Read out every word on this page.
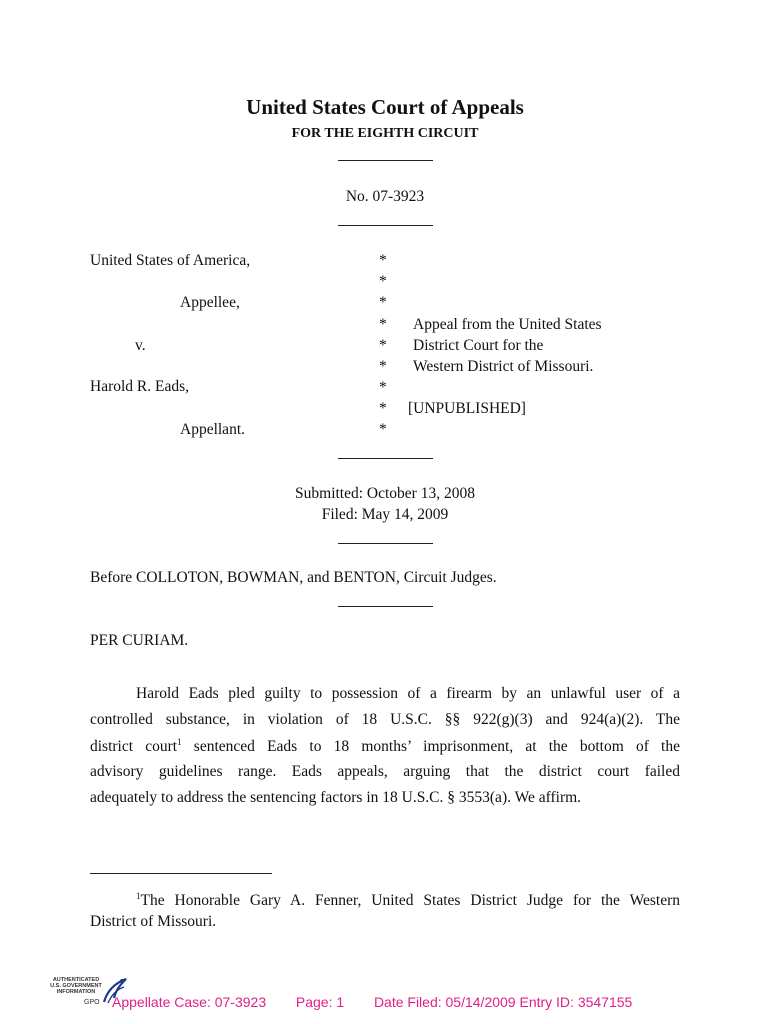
United States Court of Appeals
FOR THE EIGHTH CIRCUIT
No. 07-3923
United States of America,
Appellee,
v.
Harold R. Eads,
Appellant.
*
*
*
*
*
*
*
*
*
Appeal from the United States
District Court for the
Western District of Missouri.
[UNPUBLISHED]
Submitted: October 13, 2008
Filed: May 14, 2009
Before COLLOTON, BOWMAN, and BENTON, Circuit Judges.
PER CURIAM.
Harold Eads pled guilty to possession of a firearm by an unlawful user of a
controlled substance, in violation of 18 U.S.C. §§ 922(g)(3) and 924(a)(2). The
district court$^1$ sentenced Eads to 18 months’ imprisonment, at the bottom of the
advisory guidelines range. Eads appeals, arguing that the district court failed
adequately to address the sentencing factors in 18 U.S.C. § 3553(a). We affirm.
$^1$The Honorable Gary A. Fenner, United States District Judge for the Western
District of Missouri.
AUTHENTICATED
U.S. GOVERNMENT
INFORMATION
GPO Appellate Case: 07-3923 Page: 1 Date Filed: 05/14/2009 Entry ID: 3547155
